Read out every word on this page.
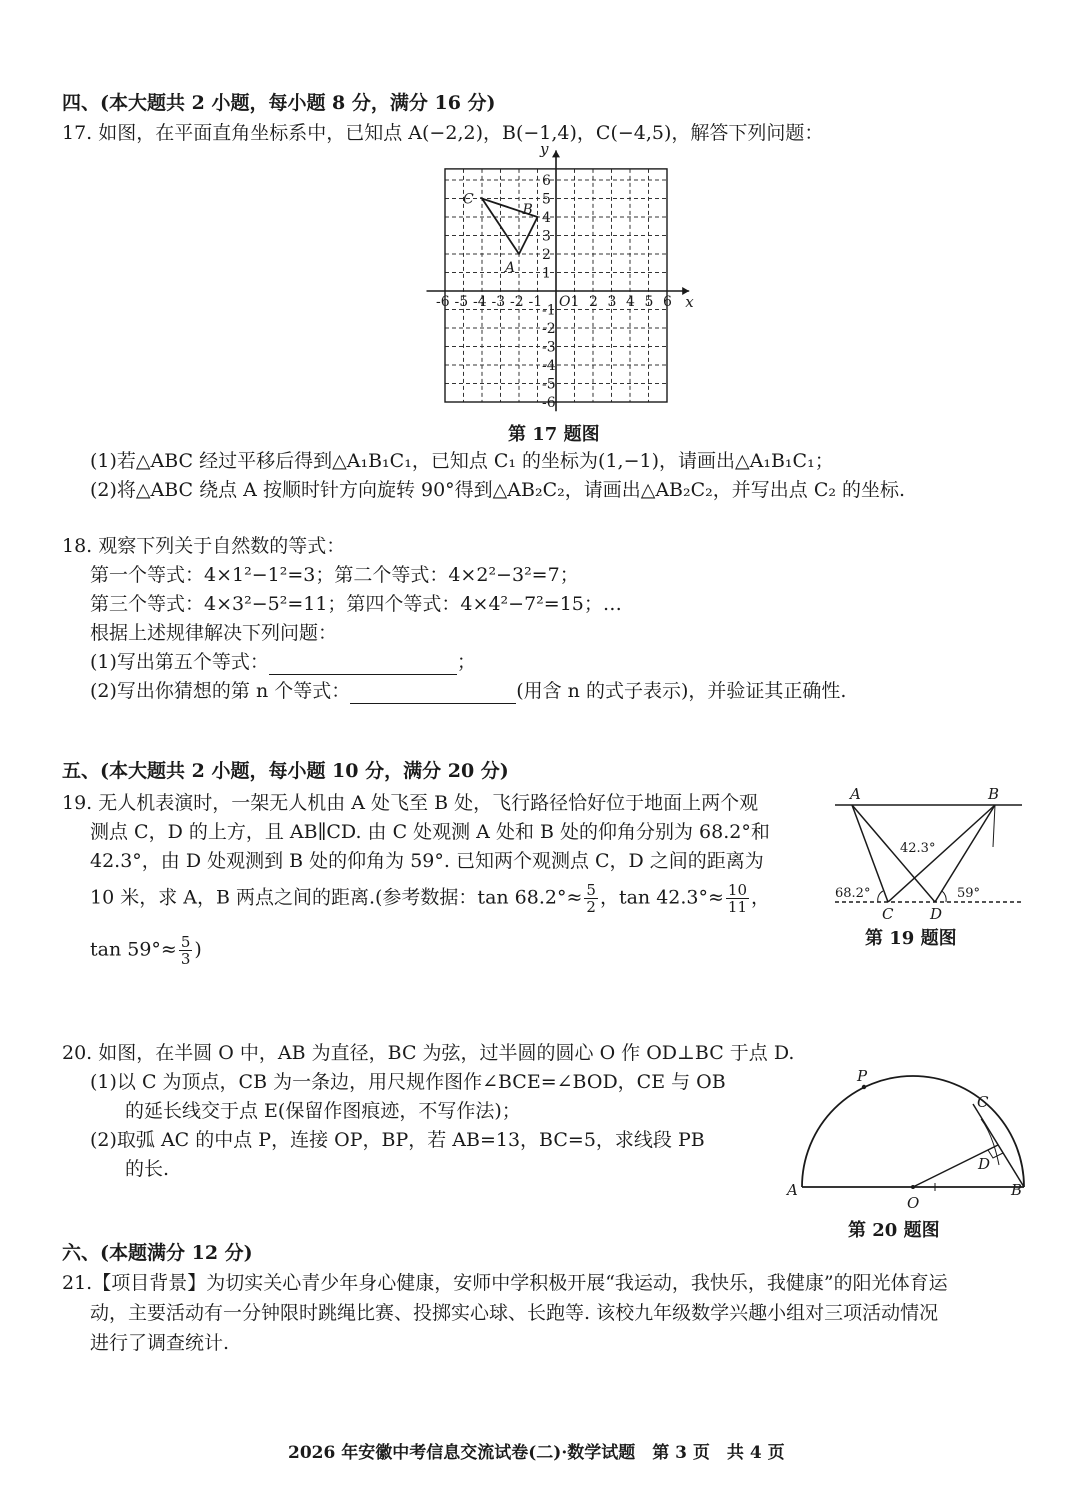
四、(本大题共 2 小题，每小题 8 分，满分 16 分)
17. 如图，在平面直角坐标系中，已知点 A(−2,2)，B(−1,4)，C(−4,5)，解答下列问题：
-6 -5 -4 -3 -2 -1 1 2 3 4 5 6
6
5
4
3
2
1
-1
-2
-3
-4
-5
-6
x
y
O
A
B
C
第 17 题图
(1)若△ABC 经过平移后得到△A₁B₁C₁，已知点 C₁ 的坐标为(1,−1)，请画出△A₁B₁C₁；
(2)将△ABC 绕点 A 按顺时针方向旋转 90°得到△AB₂C₂，请画出△AB₂C₂，并写出点 C₂ 的坐标.
18. 观察下列关于自然数的等式：
第一个等式：4×1²−1²=3；第二个等式：4×2²−3²=7；
第三个等式：4×3²−5²=11；第四个等式：4×4²−7²=15；…
根据上述规律解决下列问题：
(1)写出第五个等式：	；
(2)写出你猜想的第 n 个等式：	(用含 n 的式子表示)，并验证其正确性.
五、(本大题共 2 小题，每小题 10 分，满分 20 分)
19. 无人机表演时，一架无人机由 A 处飞至 B 处，飞行路径恰好位于地面上两个观
测点 C，D 的上方，且 AB∥CD. 由 C 处观测 A 处和 B 处的仰角分别为 68.2°和
42.3°，由 D 处观测到 B 处的仰角为 59°. 已知两个观测点 C，D 之间的距离为
10 米，求 A，B 两点之间的距离.(参考数据：$\tan 68.2^\circ\approx \frac{5}{2}$ ，$\tan 42.3^\circ\approx \frac{10}{11}$ ，
$\tan 59^\circ\approx \frac{5}{3}$ )
A	B
C D
42.3°
68.2°	59°
第 19 题图
20. 如图，在半圆 O 中，AB 为直径，BC 为弦，过半圆的圆心 O 作 OD⊥BC 于点 D.
(1)以 C 为顶点，CB 为一条边，用尺规作图作∠BCE=∠BOD，CE 与 OB
的延长线交于点 E(保留作图痕迹，不写作法)；
(2)取弧 AC 的中点 P，连接 OP，BP，若 AB=13，BC=5，求线段 PB
的长.
P
C
D
A
O
B
第 20 题图
六、(本题满分 12 分)
21.【项目背景】为切实关心青少年身心健康，安师中学积极开展“我运动，我快乐，我健康”的阳光体育运
动，主要活动有一分钟限时跳绳比赛、投掷实心球、长跑等. 该校九年级数学兴趣小组对三项活动情况
进行了调查统计.
2026 年安徽中考信息交流试卷(二)·数学试题　第 3 页　共 4 页
